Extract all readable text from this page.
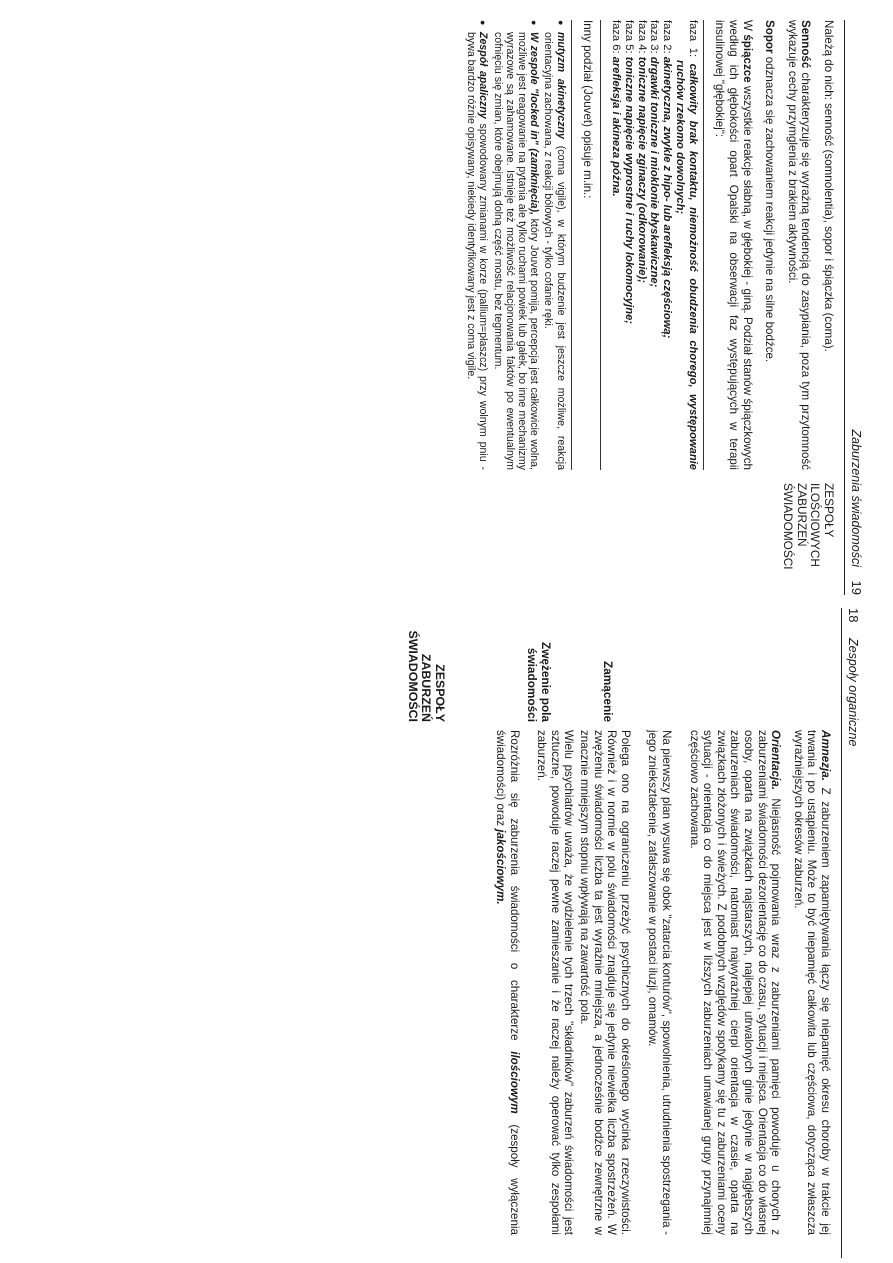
Zaburzenia świadomości
19
ZESPOŁY ILOŚCIOWYCH ZABURZEŃ ŚWIADOMOŚCI

Należą do nich: senność (somnolentia), sopor i śpiączka (coma).

Senność charakteryzuje się wyraźną tendencją do zasypiania, poza tym przytomność wykazuje cechy przymglenia z brakiem aktywności.

Sopor odznacza się zachowaniem reakcji jedynie na silne bodźce.

W śpiączce wszystkie reakcje słabną, w głębokiej - giną. Podział stanów śpiączkowych według ich głębokości opart Opalski na obserwacji faz występujących w terapii insulinowej "głębokiej":

faza 1: całkowity brak kontaktu, niemożność obudzenia chorego, występowanie ruchów rzekomo dowolnych;
faza 2: akinetyczna, zwykle z hipo- lub arefleksją częściową;
faza 3: drgawki toniczne i mioklonie błyskawiczne;
faza 4: toniczne napięcie zginaczy (odkorowanie);
faza 5: toniczne napięcie wyprostne i ruchy lokomocyjne;
faza 6: arefleksja i akineza późna.

Inny podział (Jouvet) opisuje m.in.:

● mutyzm akinetyczny (coma vigile), w którym budzenie jest jeszcze możliwe, reakcja orientacyjna zachowana, z reakcji bólowych - tylko cofanie ręki.
● W zespole "locked in" (zamknięcia), który Jouvet pomija, percepcja jest całkowicie wolna, możliwe jest reagowanie na pytania ale tylko ruchami powiek lub gałek, bo inne mechanizmy wyrazowe są zahamowane. Istnieje też możliwość relacjonowania faktów po ewentualnym cofnięciu się zmian, które obejmują dolną część mostu, bez tegmentum.
● Zespół apaliczny spowodowany zmianami w korze (pallium=płaszcz) przy wolnym pniu - bywa bardzo różnie opisywany, niekiedy identyfikowany jest z coma vigile.
18
Zespoły organiczne

Amnezja. Z zaburzeniem zapamiętywania łączy się niepamięć okresu choroby w trakcie jej trwania i po ustąpieniu. Może to być niepamięć całkowita lub częściowa, dotycząca zwłaszcza wyraźniejszych okresów zaburzeń.

Orientacja. Niejasność pojmowania wraz z zaburzeniami pamięci powoduje u chorych z zaburzeniami świadomości dezorientację co do czasu, sytuacji i miejsca. Orientacja co do własnej osoby, oparta na związkach najstarszych, najlepiej utrwalonych ginie jedynie w najgłębszych zaburzeniach świadomości, natomiast najwyraźniej cierpi orientacja w czasie, oparta na związkach złożonych i świeżych. Z podobnych względów spotykamy się tu z zaburzeniami oceny sytuacji - orientacja co do miejsca jest w liższych zaburzeniach umawianej grupy przynajmniej częściowo zachowana.

Na pierwszy plan wysuwa się obok "zatarcia konturów", spowolnienia, utrudnienia spostrzegania - jego zniekształcenie, zafałszowanie w postaci iluzji, omamów.

Polega ono na ograniczeniu przeżyć psychicznych do określonego wycinka rzeczywistości. Również i w normie w polu świadomości znajduje się jedynie niewielka liczba spostrzeżeń. W zwężeniu świadomości liczba ta jest wyraźnie mniejsza, a jednocześnie bodźce zewnętrzne w znacznie mniejszym stopniu wpływają na zawartość pola.

Wielu psychiatrów uważa, że wydzielenie tych trzech "składników" zaburzeń świadomości jest sztuczne, powoduje raczej pewne zamieszanie i że raczej należy operować tylko zespołami zaburzeń.

Rozróżnia się zaburzenia świadomości o charakterze ilościowym (zespoły wyłączenia świadomości) oraz jakościowym.

Zamącenie
Zwężenie pola świadomości
ZESPOŁY ZABURZEŃ ŚWIADOMOŚCI
